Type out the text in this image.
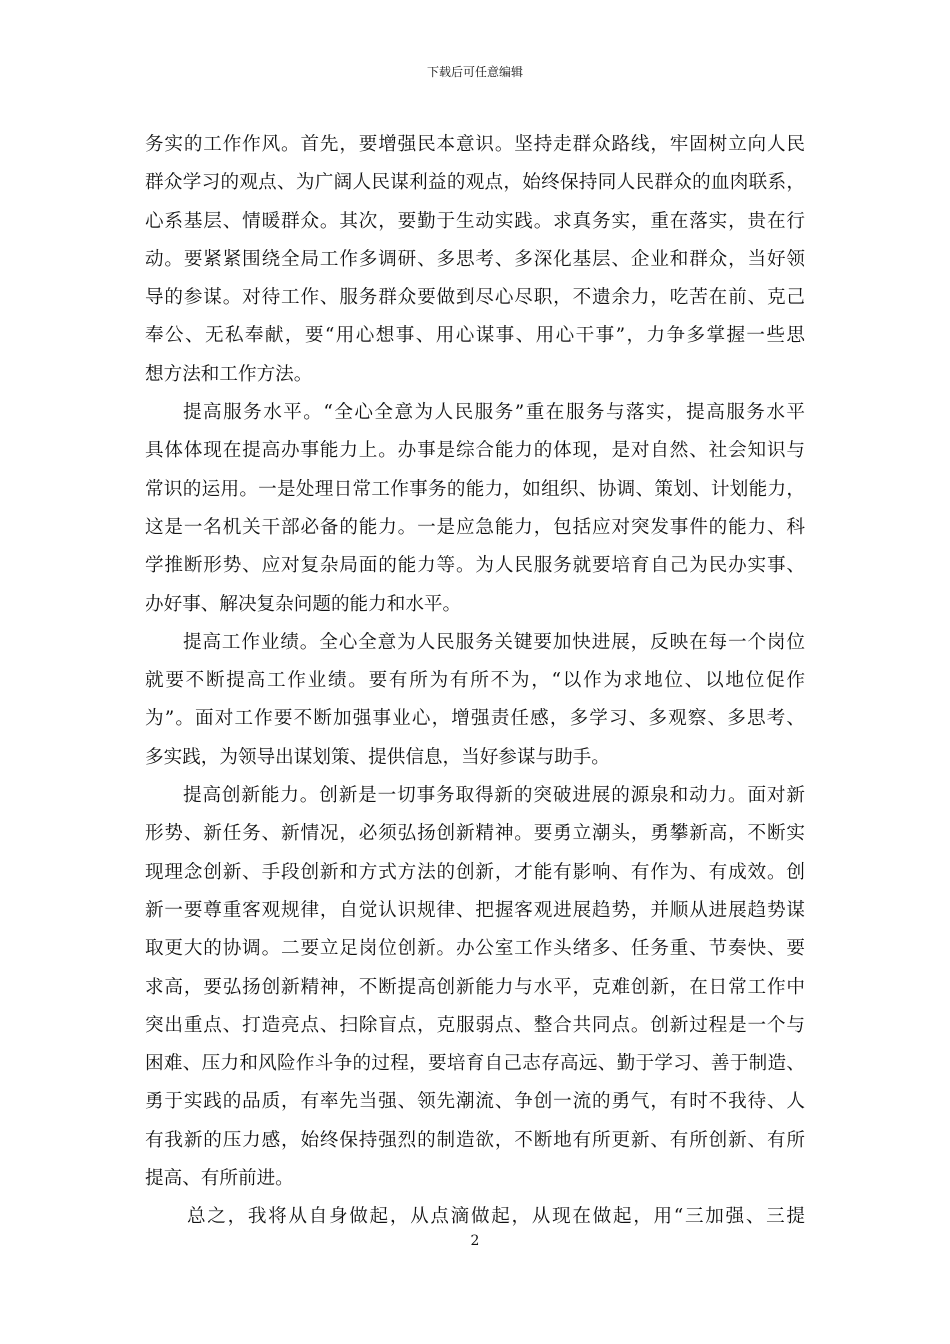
下载后可任意编辑
务实的工作作风。首先，要增强民本意识。坚持走群众路线，牢固树立向人民
群众学习的观点、为广阔人民谋利益的观点，始终保持同人民群众的血肉联系，
心系基层、情暖群众。其次，要勤于生动实践。求真务实，重在落实，贵在行
动。要紧紧围绕全局工作多调研、多思考、多深化基层、企业和群众，当好领
导的参谋。对待工作、服务群众要做到尽心尽职，不遗余力，吃苦在前、克己
奉公、无私奉献，要“用心想事、用心谋事、用心干事”，力争多掌握一些思
想方法和工作方法。
提高服务水平。“全心全意为人民服务”重在服务与落实，提高服务水平
具体体现在提高办事能力上。办事是综合能力的体现，是对自然、社会知识与
常识的运用。一是处理日常工作事务的能力，如组织、协调、策划、计划能力，
这是一名机关干部必备的能力。一是应急能力，包括应对突发事件的能力、科
学推断形势、应对复杂局面的能力等。为人民服务就要培育自己为民办实事、
办好事、解决复杂问题的能力和水平。
提高工作业绩。全心全意为人民服务关键要加快进展，反映在每一个岗位
就要不断提高工作业绩。要有所为有所不为，“以作为求地位、以地位促作
为”。面对工作要不断加强事业心，增强责任感，多学习、多观察、多思考、
多实践，为领导出谋划策、提供信息，当好参谋与助手。
提高创新能力。创新是一切事务取得新的突破进展的源泉和动力。面对新
形势、新任务、新情况，必须弘扬创新精神。要勇立潮头，勇攀新高，不断实
现理念创新、手段创新和方式方法的创新，才能有影响、有作为、有成效。创
新一要尊重客观规律，自觉认识规律、把握客观进展趋势，并顺从进展趋势谋
取更大的协调。二要立足岗位创新。办公室工作头绪多、任务重、节奏快、要
求高，要弘扬创新精神，不断提高创新能力与水平，克难创新，在日常工作中
突出重点、打造亮点、扫除盲点，克服弱点、整合共同点。创新过程是一个与
困难、压力和风险作斗争的过程，要培育自己志存高远、勤于学习、善于制造、
勇于实践的品质，有率先当强、领先潮流、争创一流的勇气，有时不我待、人
有我新的压力感，始终保持强烈的制造欲，不断地有所更新、有所创新、有所
提高、有所前进。
总之，我将从自身做起，从点滴做起，从现在做起，用“三加强、三提
2
